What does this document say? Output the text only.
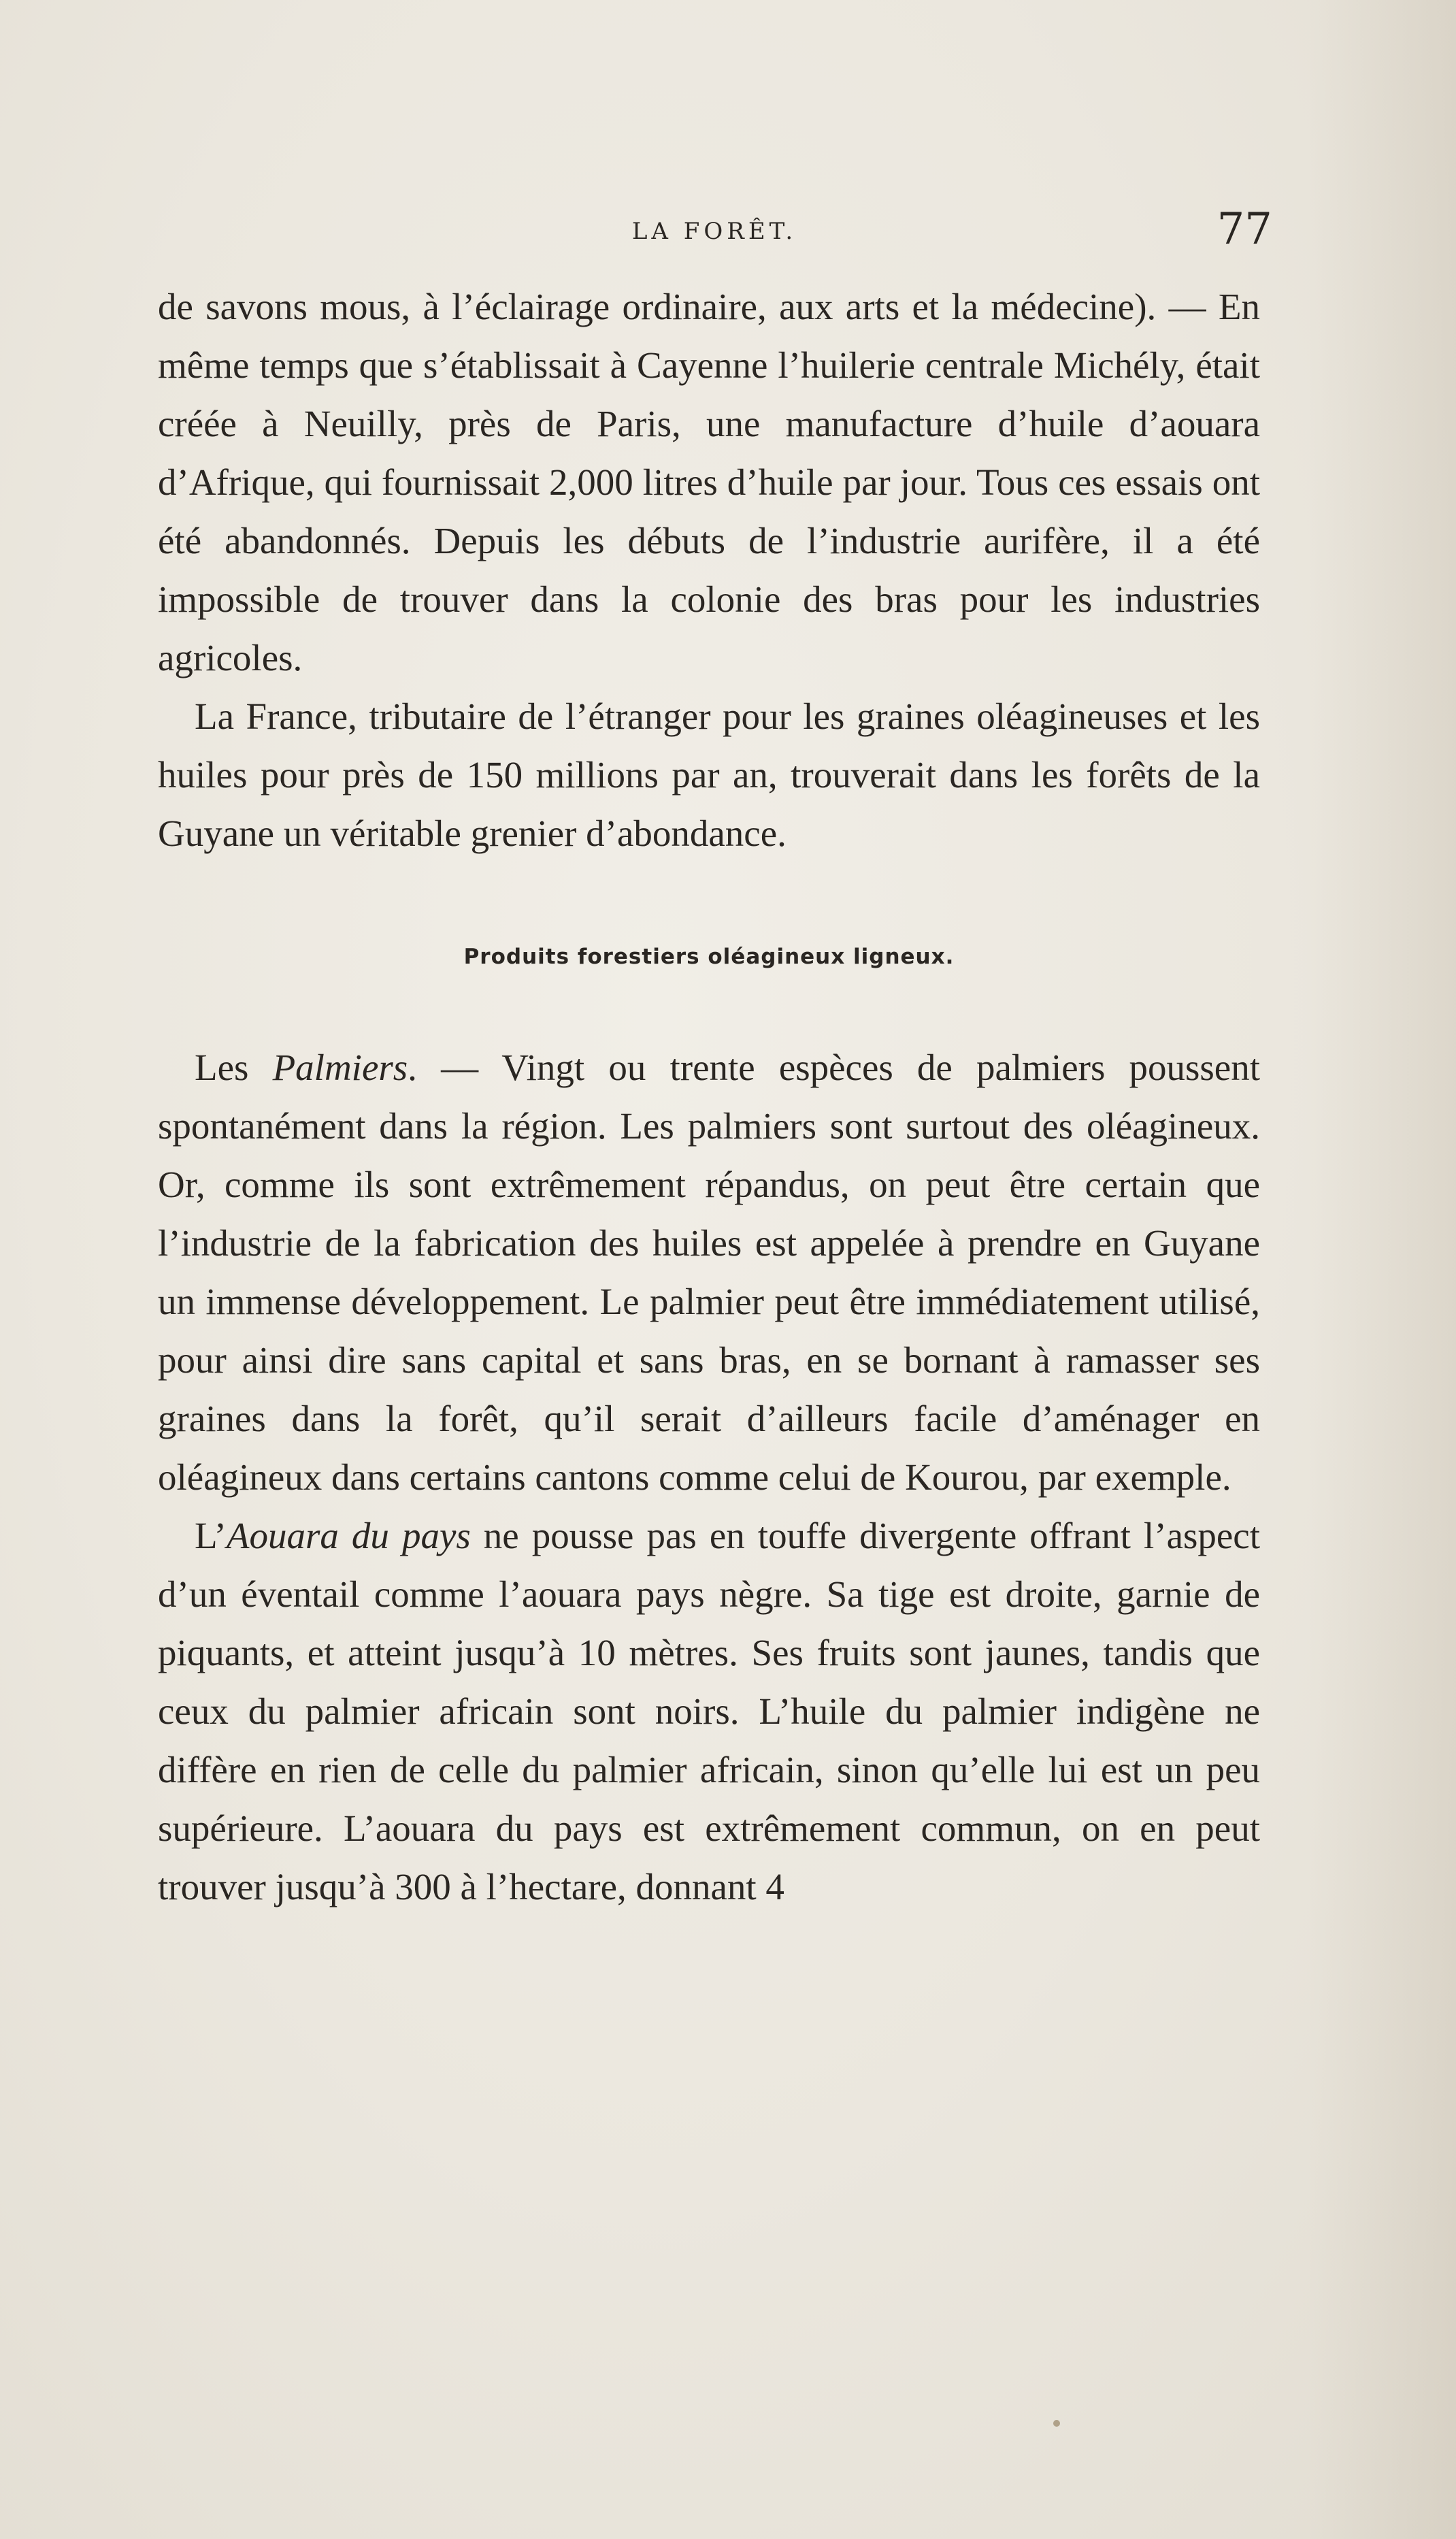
LA FORÊT.	77

de savons mous, à l’éclairage ordinaire, aux arts et la médecine). — En même temps que s’établissait à Cayenne l’huilerie centrale Michély, était créée à Neuilly, près de Paris, une manufacture d’huile d’aouara d’Afrique, qui fournissait 2,000 litres d’huile par jour. Tous ces essais ont été abandonnés. Depuis les débuts de l’industrie aurifère, il a été impossible de trouver dans la colonie des bras pour les industries agricoles.

La France, tributaire de l’étranger pour les graines oléagineuses et les huiles pour près de 150 millions par an, trouverait dans les forêts de la Guyane un véritable grenier d’abondance.

Produits forestiers oléagineux ligneux.

Les Palmiers. — Vingt ou trente espèces de palmiers poussent spontanément dans la région. Les palmiers sont surtout des oléagineux. Or, comme ils sont extrêmement répandus, on peut être certain que l’industrie de la fabrication des huiles est appelée à prendre en Guyane un immense développement. Le palmier peut être immédiatement utilisé, pour ainsi dire sans capital et sans bras, en se bornant à ramasser ses graines dans la forêt, qu’il serait d’ailleurs facile d’aménager en oléagineux dans certains cantons comme celui de Kourou, par exemple.

L’Aouara du pays ne pousse pas en touffe divergente offrant l’aspect d’un éventail comme l’aouara pays nègre. Sa tige est droite, garnie de piquants, et atteint jusqu’à 10 mètres. Ses fruits sont jaunes, tandis que ceux du palmier africain sont noirs. L’huile du palmier indigène ne diffère en rien de celle du palmier africain, sinon qu’elle lui est un peu supérieure. L’aouara du pays est extrêmement commun, on en peut trouver jusqu’à 300 à l’hectare, donnant 4
